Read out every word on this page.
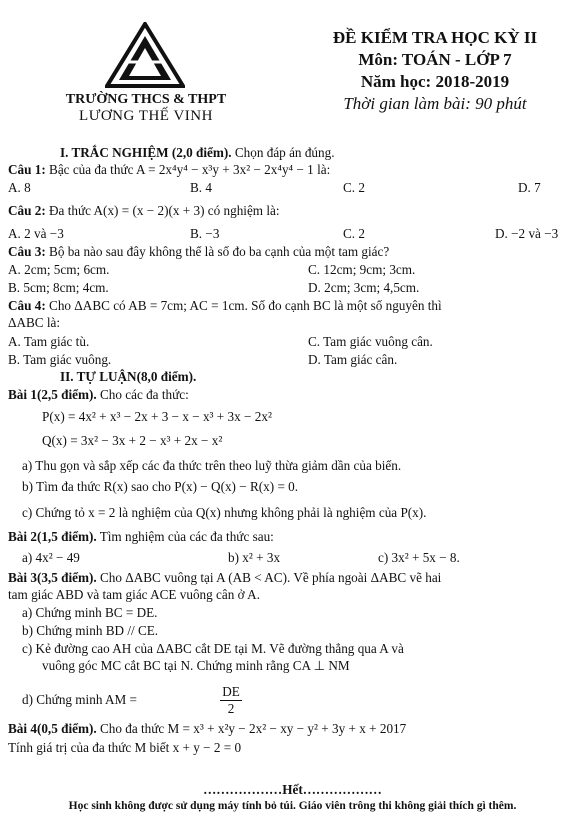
TRƯỜNG THCS & THPT
LƯƠNG THẾ VINH
ĐỀ KIỂM TRA HỌC KỲ II
Môn: TOÁN - LỚP 7
Năm học: 2018-2019
Thời gian làm bài: 90 phút
I. TRẮC NGHIỆM (2,0 điểm). Chọn đáp án đúng.
Câu 1: Bậc của đa thức A = 2x⁴y⁴ − x³y + 3x² − 2x⁴y⁴ − 1 là:
A. 8	B. 4	C. 2	D. 7
Câu 2: Đa thức A(x) = (x − 2)(x + 3) có nghiệm là:
A. 2 và −3	B. −3	C. 2	D. −2 và −3
Câu 3: Bộ ba nào sau đây không thể là số đo ba cạnh của một tam giác?
A. 2cm; 5cm; 6cm.	C. 12cm; 9cm; 3cm.
B. 5cm; 8cm; 4cm.	D. 2cm; 3cm; 4,5cm.
Câu 4: Cho ΔABC có AB = 7cm; AC = 1cm. Số đo cạnh BC là một số nguyên thì
ΔABC là:
A. Tam giác tù.	C. Tam giác vuông cân.
B. Tam giác vuông.	D. Tam giác cân.
II. TỰ LUẬN(8,0 điểm).
Bài 1(2,5 điểm). Cho các đa thức:
P(x) = 4x² + x³ − 2x + 3 − x − x³ + 3x − 2x²
Q(x) = 3x² − 3x + 2 − x³ + 2x − x²
a) Thu gọn và sắp xếp các đa thức trên theo luỹ thừa giảm dần của biến.
b) Tìm đa thức R(x) sao cho P(x) − Q(x) − R(x) = 0.
c) Chứng tỏ x = 2 là nghiệm của Q(x) nhưng không phải là nghiệm của P(x).
Bài 2(1,5 điểm). Tìm nghiệm của các đa thức sau:
a) 4x² − 49	b) x² + 3x	c) 3x² + 5x − 8.
Bài 3(3,5 điểm). Cho ΔABC vuông tại A (AB < AC). Về phía ngoài ΔABC vẽ hai
tam giác ABD và tam giác ACE vuông cân ở A.
a) Chứng minh BC = DE.
b) Chứng minh BD // CE.
c) Kẻ đường cao AH của ΔABC cắt DE tại M. Vẽ đường thẳng qua A và
vuông góc MC cắt BC tại N. Chứng minh rằng CA ⊥ NM
d) Chứng minh AM =	$\frac{DE}{2}$
Bài 4(0,5 điểm). Cho đa thức M = x³ + x²y − 2x² − xy − y² + 3y + x + 2017
Tính giá trị của đa thức M biết x + y − 2 = 0
………………Hết………………
Học sinh không được sử dụng máy tính bỏ túi. Giáo viên trông thi không giải thích gì thêm.
